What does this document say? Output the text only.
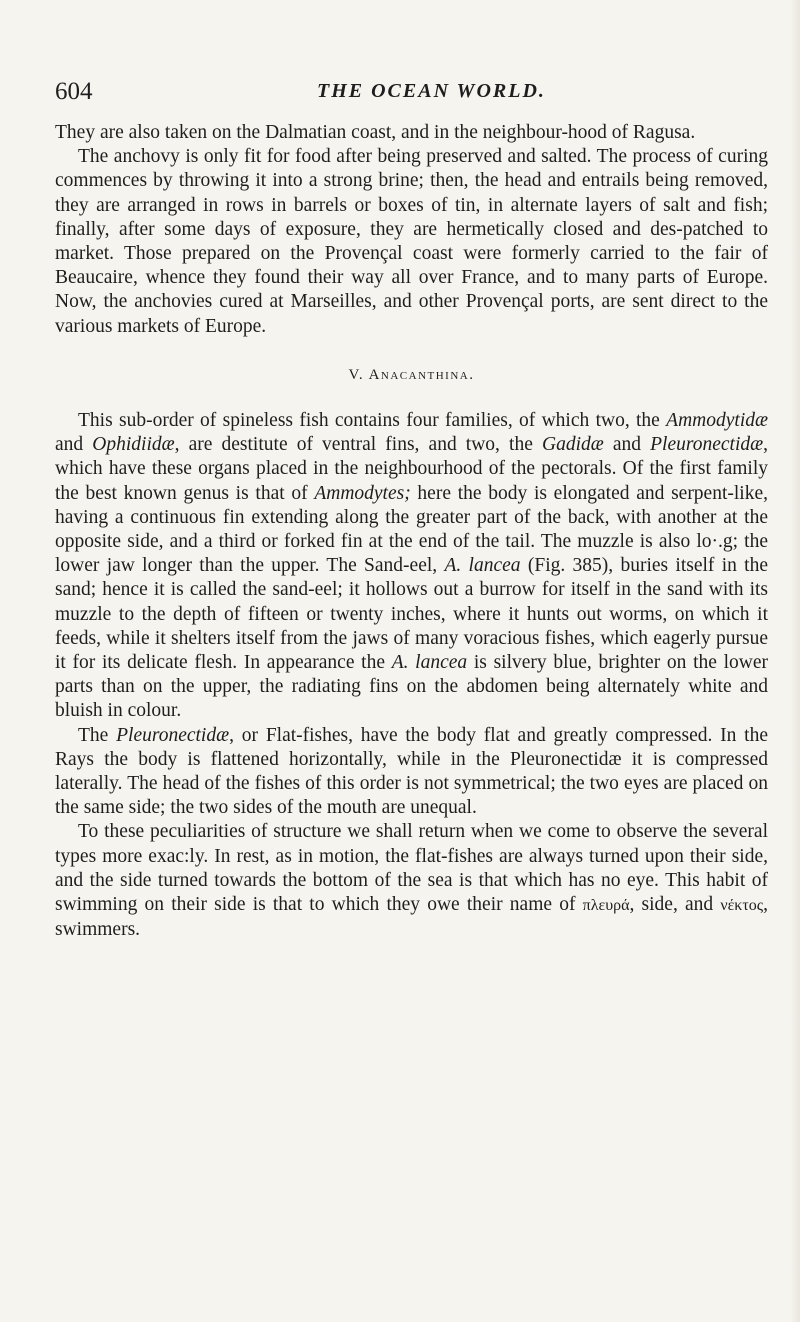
604	THE OCEAN WORLD.

They are also taken on the Dalmatian coast, and in the neighbour-hood of Ragusa.

The anchovy is only fit for food after being preserved and salted. The process of curing commences by throwing it into a strong brine; then, the head and entrails being removed, they are arranged in rows in barrels or boxes of tin, in alternate layers of salt and fish; finally, after some days of exposure, they are hermetically closed and des-patched to market. Those prepared on the Provençal coast were formerly carried to the fair of Beaucaire, whence they found their way all over France, and to many parts of Europe. Now, the anchovies cured at Marseilles, and other Provençal ports, are sent direct to the various markets of Europe.

V. Anacanthina.

This sub-order of spineless fish contains four families, of which two, the Ammodytidæ and Ophidiidæ, are destitute of ventral fins, and two, the Gadidæ and Pleuronectidæ, which have these organs placed in the neighbourhood of the pectorals. Of the first family the best known genus is that of Ammodytes; here the body is elongated and serpent-like, having a continuous fin extending along the greater part of the back, with another at the opposite side, and a third or forked fin at the end of the tail. The muzzle is also lo·.g; the lower jaw longer than the upper. The Sand-eel, A. lancea (Fig. 385), buries itself in the sand; hence it is called the sand-eel; it hollows out a burrow for itself in the sand with its muzzle to the depth of fifteen or twenty inches, where it hunts out worms, on which it feeds, while it shelters itself from the jaws of many voracious fishes, which eagerly pursue it for its delicate flesh. In appearance the A. lancea is silvery blue, brighter on the lower parts than on the upper, the radiating fins on the abdomen being alternately white and bluish in colour.

The Pleuronectidæ, or Flat-fishes, have the body flat and greatly compressed. In the Rays the body is flattened horizontally, while in the Pleuronectidæ it is compressed laterally. The head of the fishes of this order is not symmetrical; the two eyes are placed on the same side; the two sides of the mouth are unequal.

To these peculiarities of structure we shall return when we come to observe the several types more exac:ly. In rest, as in motion, the flat-fishes are always turned upon their side, and the side turned towards the bottom of the sea is that which has no eye. This habit of swimming on their side is that to which they owe their name of πλευρά, side, and νέκτος, swimmers.
